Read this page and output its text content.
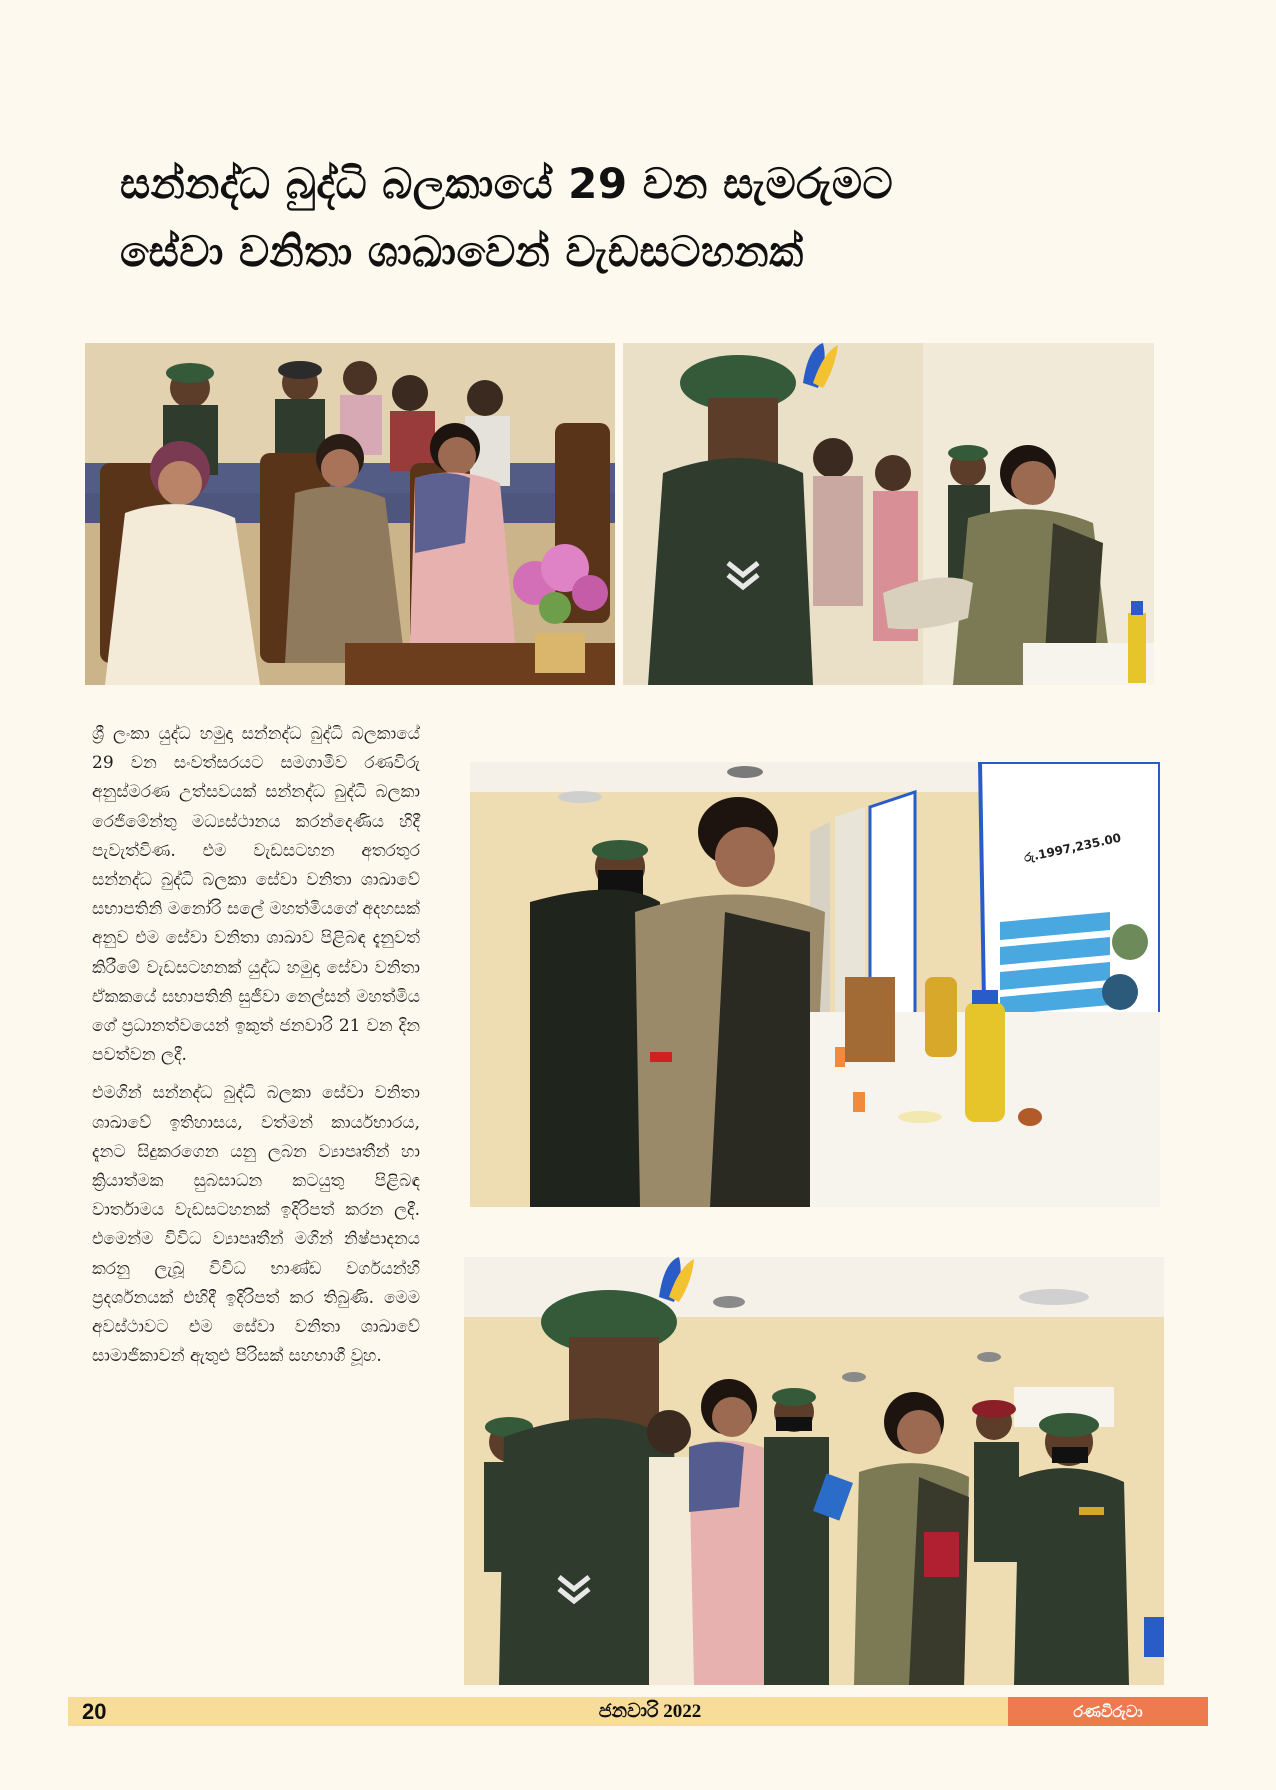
සන්නද්ධ බුද්ධි බලකායේ 29 වන සැමරුමට
සේවා වනිතා ශාඛාවෙන් වැඩසටහනක්

ශ්‍රී ලංකා යුද්ධ හමුදා සන්නද්ධ බුද්ධි බලකායේ 29 වන සංවත්සරයට සමගාමීව රණවිරු අනුස්මරණ උත්සවයක් සන්නද්ධ බුද්ධි බලකා රෙජිමේන්තු මධ්‍යස්ථානය කරන්දෙණිය හිදී පැවැත්විණ. එම වැඩසටහන අතරතුර සන්නද්ධ බුද්ධි බලකා සේවා වනිතා ශාඛාවේ සභාපතිනි මනෝරි සලේ මහත්මියගේ අදහසක් අනුව එම සේවා වනිතා ශාඛාව පිළිබඳ දැනුවත් කිරීමේ වැඩසටහනක් යුද්ධ හමුදා සේවා වනිතා ඒකකයේ සභාපතිනි සුජීවා නෙල්සන් මහත්මිය ගේ ප්‍රධානත්වයෙන් ඉකුත් ජනවාරි 21 වන දින පවත්වන ලදී.

එමගින් සන්නද්ධ බුද්ධි බලකා සේවා වනිතා ශාඛාවේ ඉතිහාසය, වත්මන් කාර්යභාරය, දැනට සිදුකරගෙන යනු ලබන ව්‍යාපෘතීන් හා ක්‍රියාත්මක සුබසාධන කටයුතු පිළිබඳ වාර්තාමය වැඩසටහනක් ඉදිරිපත් කරන ලදී. එමෙන්ම විවිධ ව්‍යාපෘතීන් මගින් නිෂ්පාදනය කරනු ලැබූ විවිධ භාණ්ඩ වර්ගයන්හි ප්‍රදර්ශනයක් එහිදී ඉදිරිපත් කර තිබුණි. මෙම අවස්ථාවට එම සේවා වනිතා ශාඛාවේ සාමාජිකාවන් ඇතුළු පිරිසක් සහභාගී වූහ.

රු.1997,235.00
20	ජනවාරි 2022	රණවිරුවා
